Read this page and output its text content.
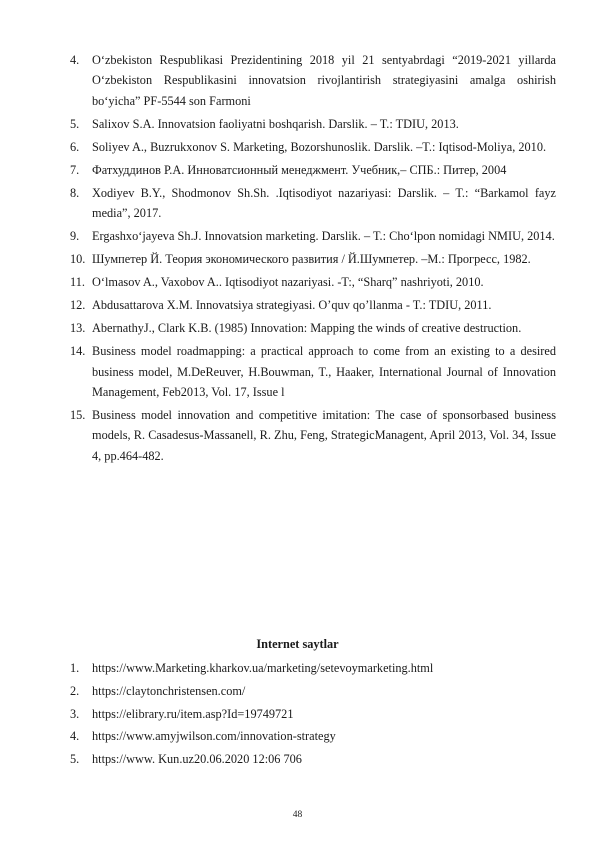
4. O‘zbekiston Respublikasi Prezidentining 2018 yil 21 sentyabrdagi “2019-2021 yillarda O‘zbekiston Respublikasini innovatsion rivojlantirish strategiyasini amalga oshirish bo‘yicha” PF-5544 son Farmoni
5. Salixov S.A. Innovatsion faoliyatni boshqarish. Darslik. – T.: TDIU, 2013.
6. Soliyev A., Buzrukxonov S. Marketing, Bozorshunoslik. Darslik. –T.: Iqtisod-Moliya, 2010.
7. Фатхуддинов Р.А. Инноватсионный менеджмент. Учебник,– СПБ.: Питер, 2004
8. Xodiyev B.Y., Shodmonov Sh.Sh. .Iqtisodiyot nazariyasi: Darslik. – T.: “Barkamol fayz media”, 2017.
9. Ergashxo‘jayeva Sh.J. Innovatsion marketing. Darslik. – T.: Cho‘lpon nomidagi NMIU, 2014.
10. Шумпетер Й. Теория экономического развития / Й.Шумпетер. –М.: Прогресс, 1982.
11. O‘lmasov A., Vaxobov A.. Iqtisodiyot nazariyasi. -T:, “Sharq” nashriyoti, 2010.
12. Abdusattarova X.M. Innovatsiya strategiyasi. O’quv qo’llanma - T.: TDIU, 2011.
13. AbernathyJ., Clark K.B. (1985) Innovation: Mapping the winds of creative destruction.
14. Business model roadmapping: a practical approach to come from an existing to a desired business model, M.DeReuver, H.Bouwman, T., Haaker, International Journal of Innovation Management, Feb2013, Vol. 17, Issue l
15. Business model innovation and competitive imitation: The case of sponsorbased business models, R. Casadesus-Massanell, R. Zhu, Feng, StrategicManagent, April 2013, Vol. 34, Issue 4, pp.464-482.
Internet saytlar
1. https://www.Marketing.kharkov.ua/marketing/setevoymarketing.html
2. https://claytonchristensen.com/
3. https://elibrary.ru/item.asp?Id=19749721
4. https://www.amyjwilson.com/innovation-strategy
5. https://www. Kun.uz20.06.2020 12:06 706
48
